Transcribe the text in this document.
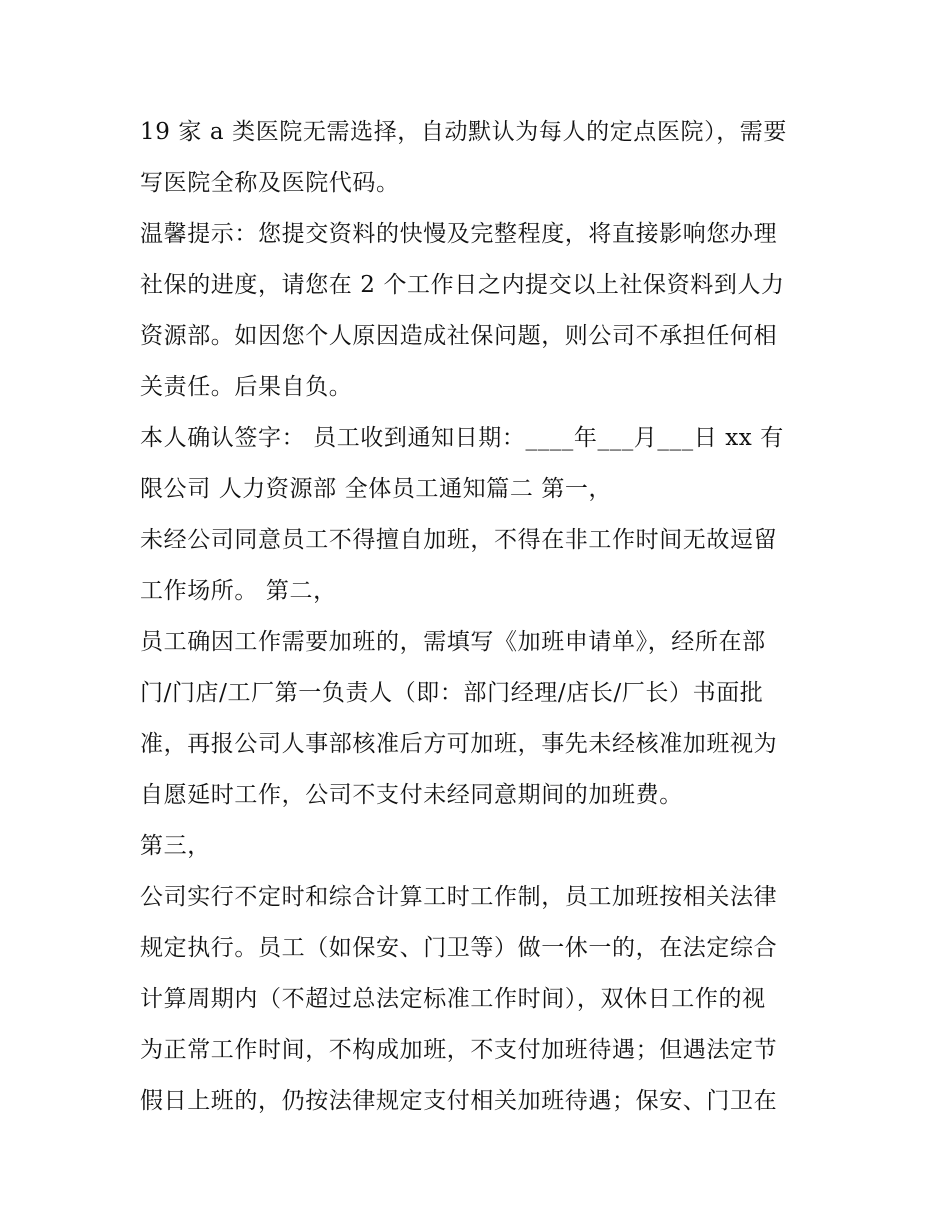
19 家 a 类医院无需选择，自动默认为每人的定点医院），需要
写医院全称及医院代码。
温馨提示：您提交资料的快慢及完整程度，将直接影响您办理
社保的进度，请您在 2 个工作日之内提交以上社保资料到人力
资源部。如因您个人原因造成社保问题，则公司不承担任何相
关责任。后果自负。
本人确认签字： 员工收到通知日期：____年___月___日 xx 有
限公司 人力资源部 全体员工通知篇二 第一，
未经公司同意员工不得擅自加班，不得在非工作时间无故逗留
工作场所。 第二，
员工确因工作需要加班的，需填写《加班申请单》，经所在部
门/门店/工厂第一负责人（即：部门经理/店长/厂长）书面批
准，再报公司人事部核准后方可加班，事先未经核准加班视为
自愿延时工作，公司不支付未经同意期间的加班费。
第三，
公司实行不定时和综合计算工时工作制，员工加班按相关法律
规定执行。员工（如保安、门卫等）做一休一的，在法定综合
计算周期内（不超过总法定标准工作时间），双休日工作的视
为正常工作时间，不构成加班，不支付加班待遇；但遇法定节
假日上班的，仍按法律规定支付相关加班待遇；保安、门卫在
